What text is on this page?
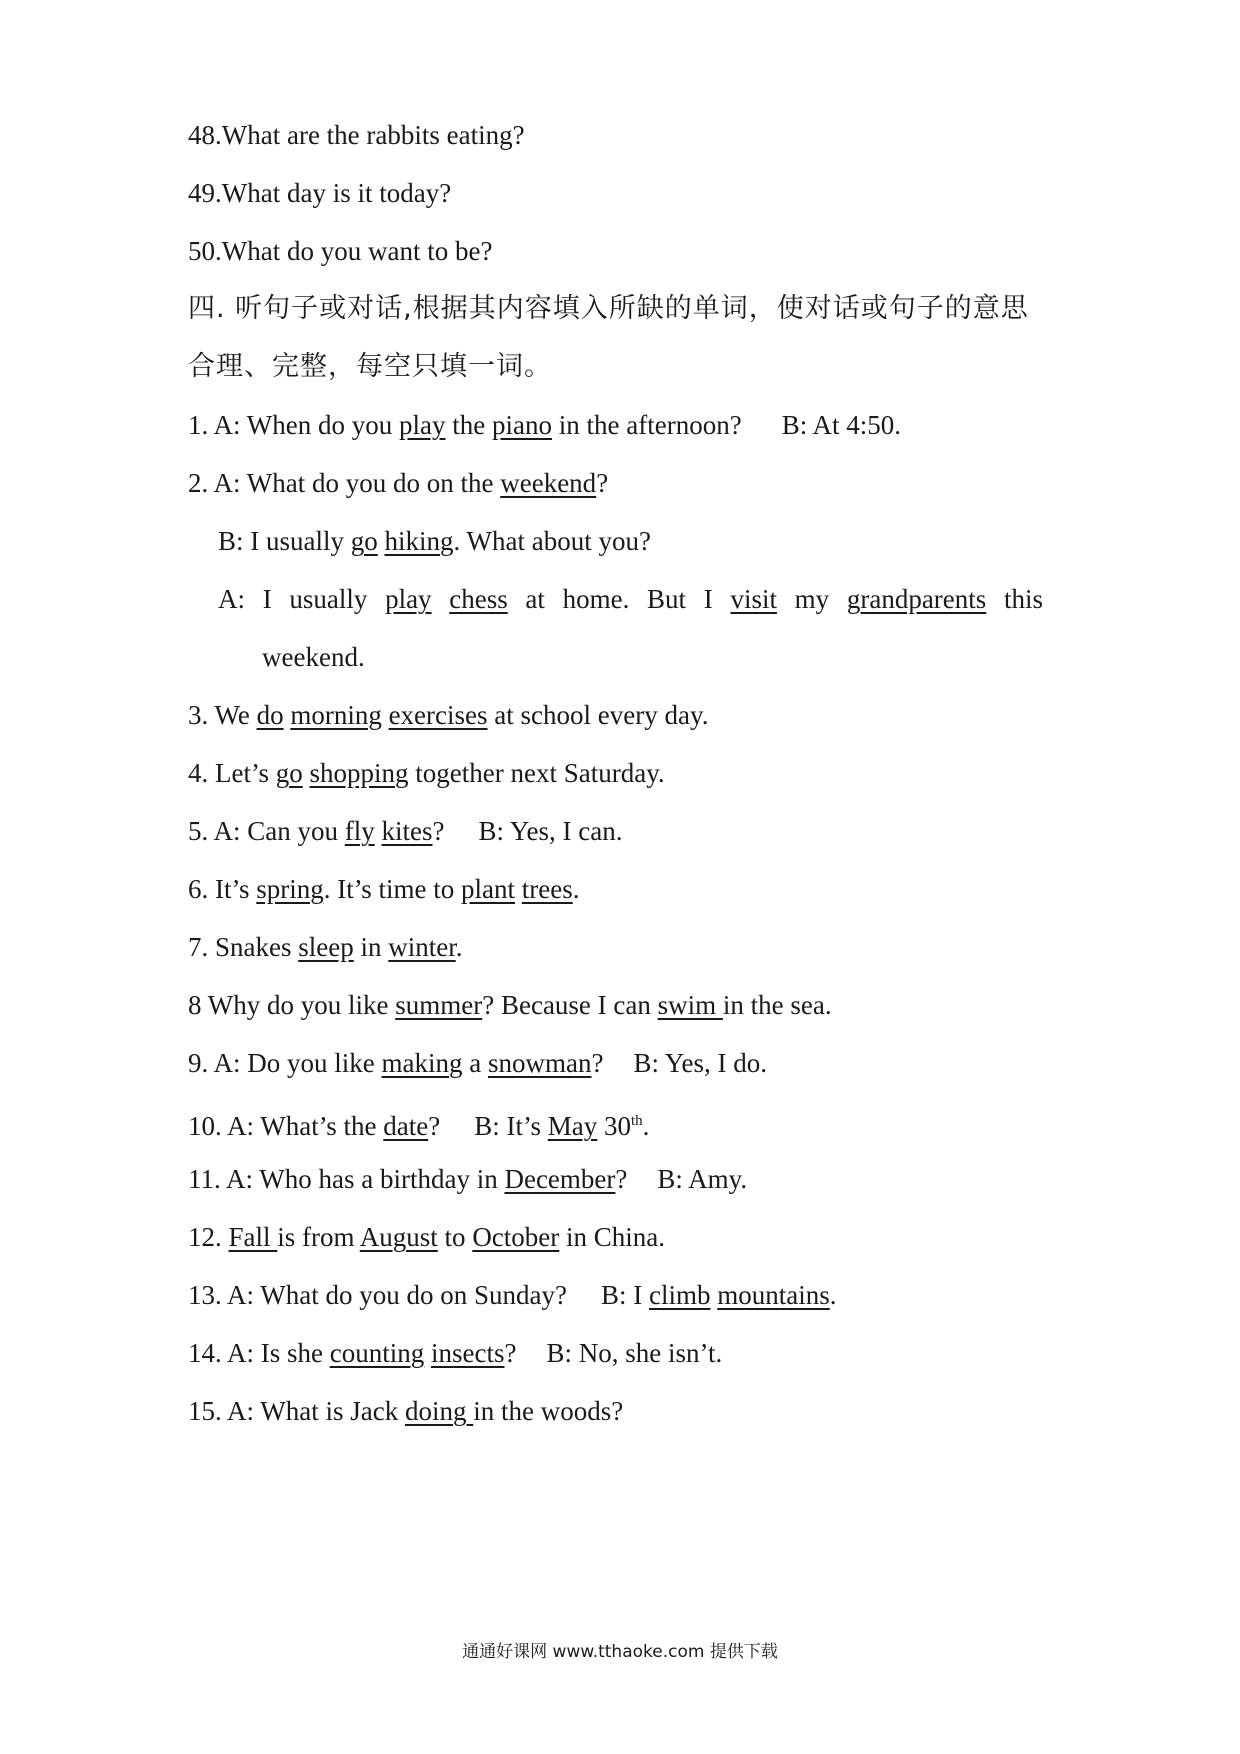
48.What are the rabbits eating?
49.What day is it today?
50.What do you want to be?
四. 听句子或对话,根据其内容填入所缺的单词，使对话或句子的意思
合理、完整，每空只填一词。
1. A: When do you play the piano in the afternoon? B: At 4:50.
2. A: What do you do on the weekend?
B: I usually go hiking. What about you?
A: I usually play chess at home. But I visit my grandparents this
weekend.
3. We do morning exercises at school every day.
4. Let’s go shopping together next Saturday.
5. A: Can you fly kites? B: Yes, I can.
6. It’s spring. It’s time to plant trees.
7. Snakes sleep in winter.
8 Why do you like summer? Because I can swim in the sea.
9. A: Do you like making a snowman? B: Yes, I do.
10. A: What’s the date? B: It’s May 30th.
11. A: Who has a birthday in December? B: Amy.
12. Fall is from August to October in China.
13. A: What do you do on Sunday? B: I climb mountains.
14. A: Is she counting insects? B: No, she isn’t.
15. A: What is Jack doing in the woods?
通通好课网 www.tthaoke.com 提供下载
